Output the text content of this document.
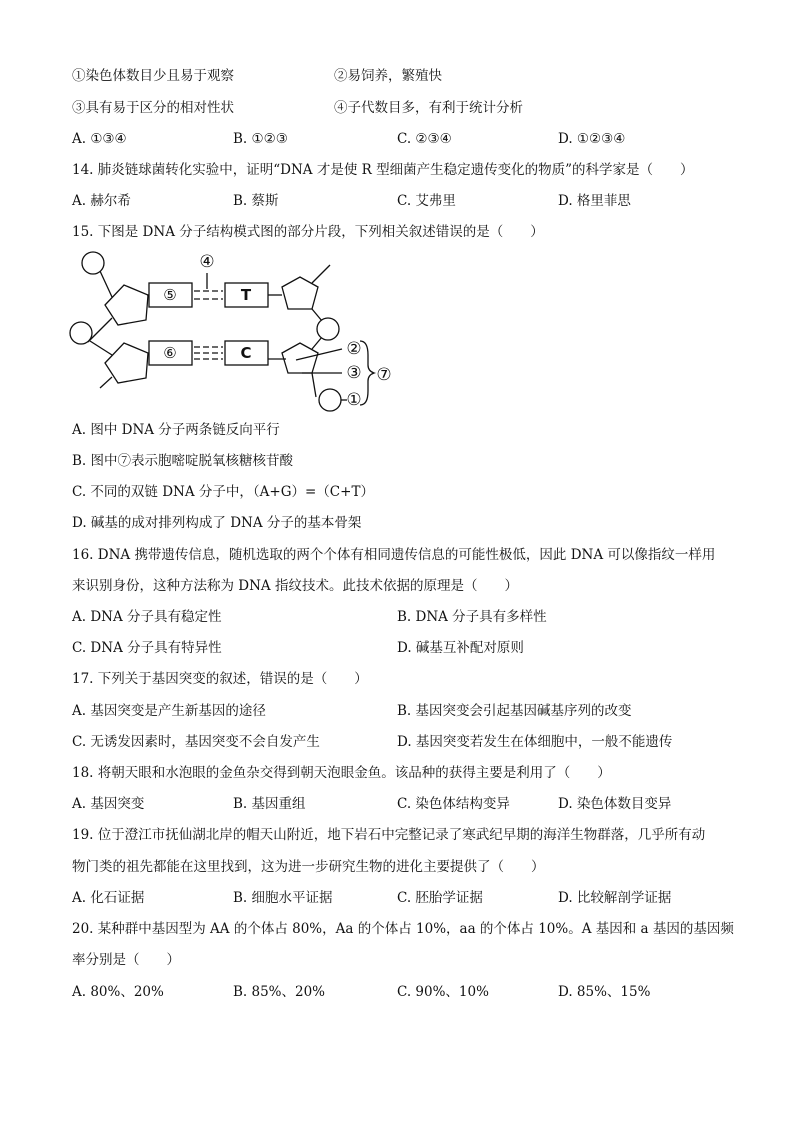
①染色体数目少且易于观察	②易饲养，繁殖快
③具有易于区分的相对性状	④子代数目多，有利于统计分析
A. ①③④	B. ①②③	C. ②③④	D. ①②③④
14. 肺炎链球菌转化实验中，证明“DNA 才是使 R 型细菌产生稳定遗传变化的物质”的科学家是（　　）
A. 赫尔希	B. 蔡斯	C. 艾弗里	D. 格里菲思
15. 下图是 DNA 分子结构模式图的部分片段，下列相关叙述错误的是（　　）
⑤
⑥
T
C
④
②
③
①
⑦
A. 图中 DNA 分子两条链反向平行
B. 图中⑦表示胞嘧啶脱氧核糖核苷酸
C. 不同的双链 DNA 分子中，（A+G）=（C+T）
D. 碱基的成对排列构成了 DNA 分子的基本骨架
16. DNA 携带遗传信息，随机选取的两个个体有相同遗传信息的可能性极低，因此 DNA 可以像指纹一样用
来识别身份，这种方法称为 DNA 指纹技术。此技术依据的原理是（　　）
A. DNA 分子具有稳定性	B. DNA 分子具有多样性
C. DNA 分子具有特异性	D. 碱基互补配对原则
17. 下列关于基因突变的叙述，错误的是（　　）
A. 基因突变是产生新基因的途径	B. 基因突变会引起基因碱基序列的改变
C. 无诱发因素时，基因突变不会自发产生	D. 基因突变若发生在体细胞中，一般不能遗传
18. 将朝天眼和水泡眼的金鱼杂交得到朝天泡眼金鱼。该品种的获得主要是利用了（　　）
A. 基因突变	B. 基因重组	C. 染色体结构变异	D. 染色体数目变异
19. 位于澄江市抚仙湖北岸的帽天山附近，地下岩石中完整记录了寒武纪早期的海洋生物群落，几乎所有动
物门类的祖先都能在这里找到，这为进一步研究生物的进化主要提供了（　　）
A. 化石证据	B. 细胞水平证据	C. 胚胎学证据	D. 比较解剖学证据
20. 某种群中基因型为 AA 的个体占 80%，Aa 的个体占 10%，aa 的个体占 10%。A 基因和 a 基因的基因频
率分别是（　　）
A. 80%、20%	B. 85%、20%	C. 90%、10%	D. 85%、15%
